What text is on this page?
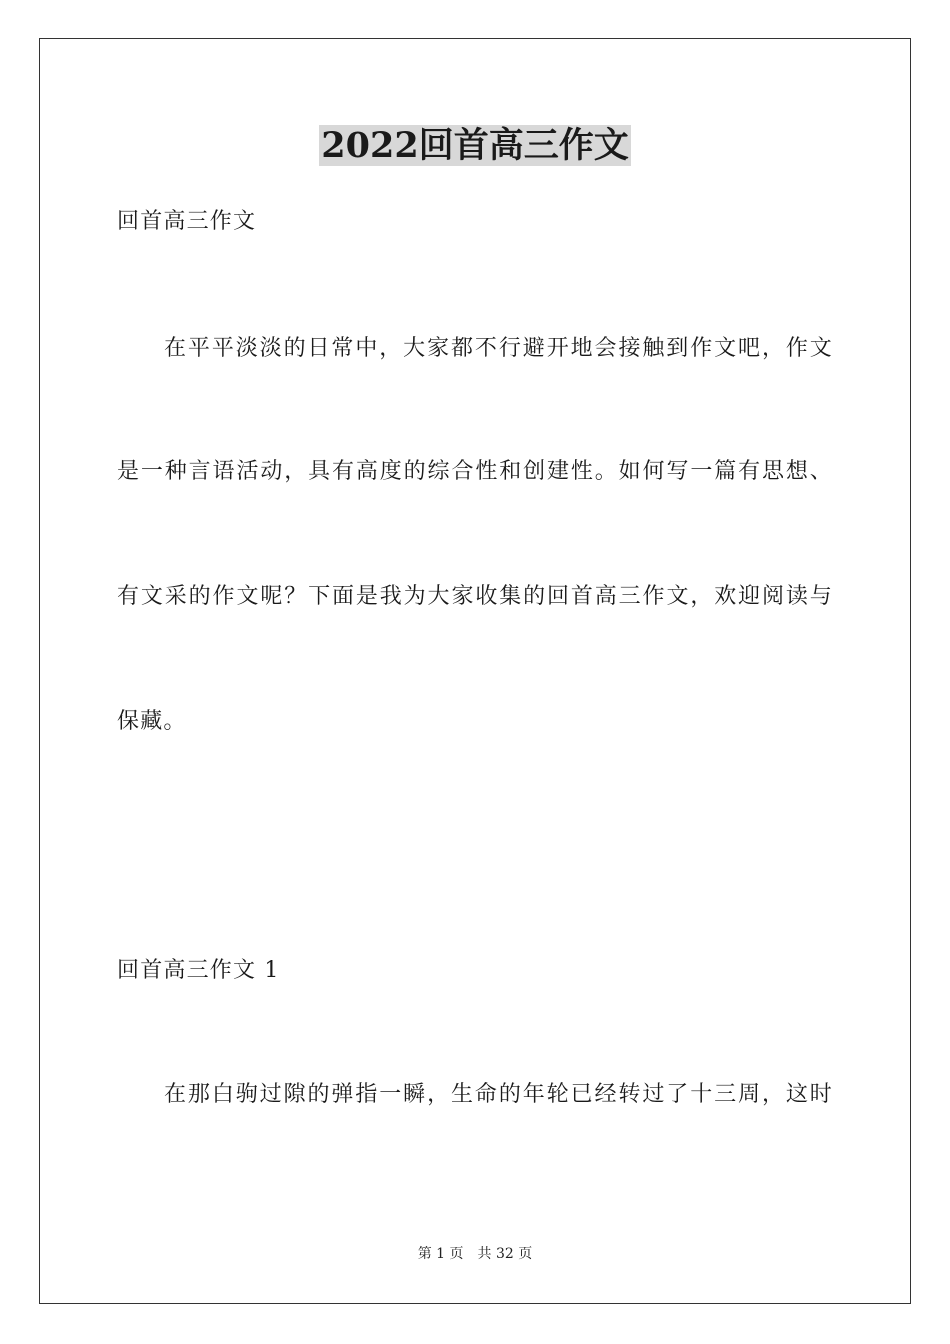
2022回首高三作文
回首高三作文
在平平淡淡的日常中，大家都不行避开地会接触到作文吧，作文
是一种言语活动，具有高度的综合性和创建性。如何写一篇有思想、
有文采的作文呢？下面是我为大家收集的回首高三作文，欢迎阅读与
保藏。
回首高三作文 1
在那白驹过隙的弹指一瞬，生命的年轮已经转过了十三周，这时
第 1 页 共 32 页
